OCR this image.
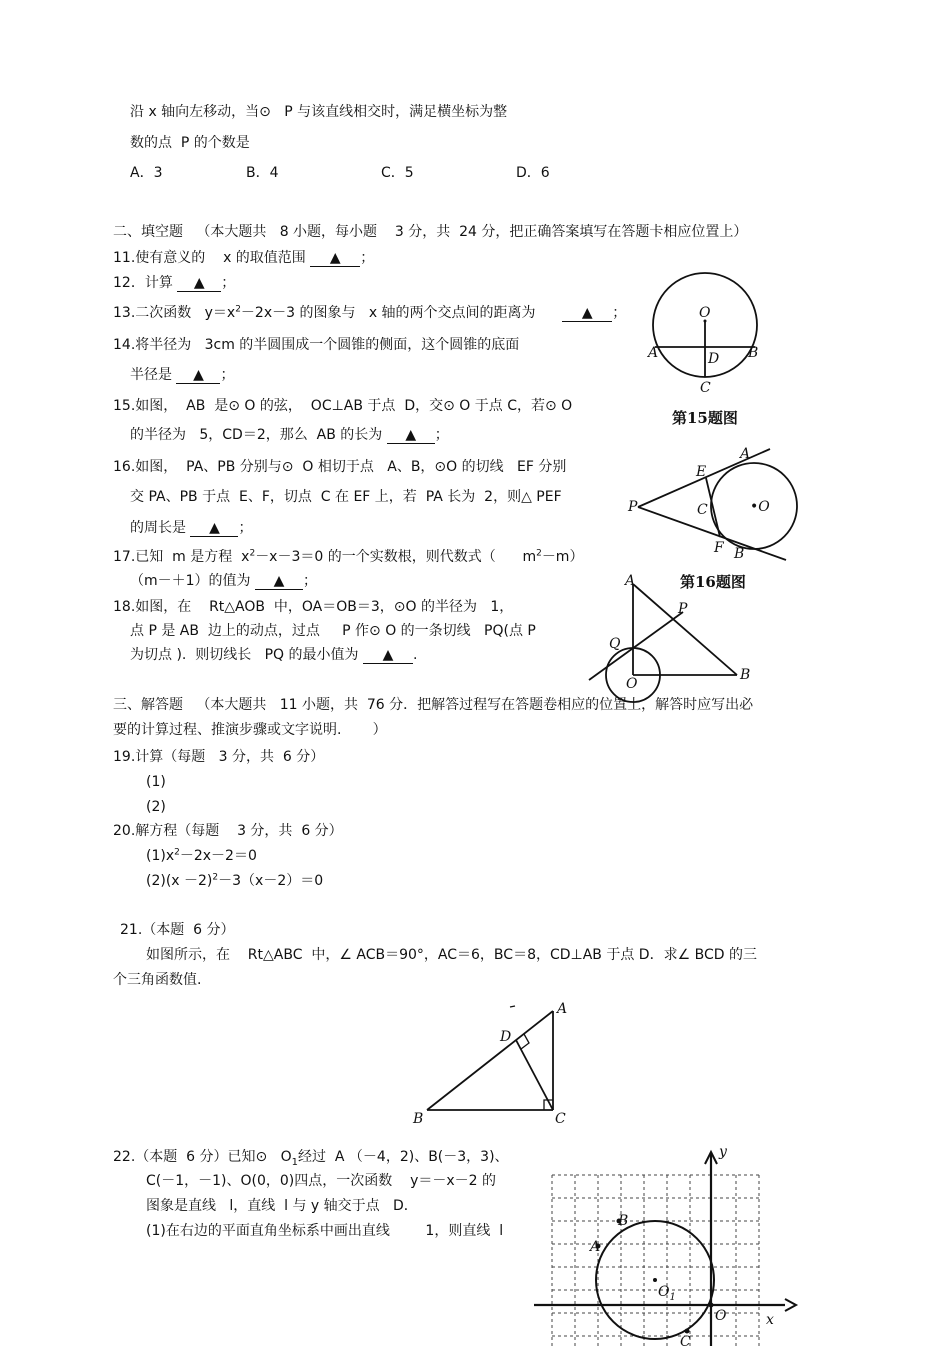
沿 x 轴向左移动，当⊙   P 与该直线相交时，满足横坐标为整
数的点  P 的个数是
A．3	B．4	C．5	D．6
二、填空题   （本大题共   8 小题，每小题    3 分，共  24 分，把正确答案填写在答题卡相应位置上）
11.使有意义的    x 的取值范围 ▲ ；
12．计算 ▲ ；
13.二次函数   $y=x^2-2x-3$ 的图象与   x 轴的两个交点间的距离为	▲ ；
14.将半径为   3cm 的半圆围成一个圆锥的侧面，这个圆锥的底面
半径是 ▲ ；
15.如图，  AB  是⊙ O 的弦，  OC⊥AB 于点  D，交⊙ O 于点 C，若⊙ O
的半径为   5，CD＝2，那么  AB 的长为 ▲ ；
16.如图，  PA、PB 分别与⊙  O 相切于点   A、B，⊙O 的切线   EF 分别
交 PA、PB 于点  E、F，切点  C 在 EF 上，若  PA 长为  2，则△ PEF
的周长是 ▲ ；
17.已知  m 是方程  $x^2-x-3=0$ 的一个实数根，则代数式（      $m^2-m$）
（m－＋1）的值为 ▲ ；
18.如图，在    Rt△AOB  中，OA＝OB＝3，⊙O 的半径为   1，
点 P 是 AB  边上的动点，过点     P 作⊙ O 的一条切线   PQ(点 P
为切点 ).  则切线长   PQ 的最小值为 ▲ .
三、解答题   （本大题共   11 小题，共  76 分．把解答过程写在答题卷相应的位置上，解答时应写出必
要的计算过程、推演步骤或文字说明.       ）
19.计算（每题   3 分，共  6 分）
(1)
(2)
20.解方程（每题    3 分，共  6 分）
$(1)x^2-2x-2=0$
$(2)(x -2)^2-3(x-2)=0$
21.（本题  6 分）
如图所示，在    Rt△ABC  中，∠ ACB＝90°，AC＝6，BC＝8，CD⊥AB 于点 D．求∠ BCD 的三
个三角函数值.
22.（本题  6 分）已知⊙   $O_1$经过  A （－4，2)、B(－3，3)、
C(－1，－1)、O(0，0)四点，一次函数    y＝－x－2 的
图象是直线   l，直线  l 与 y 轴交于点   D．
(1)在右边的平面直角坐标系中画出直线        1，则直线  l
O
A	B
D
C
第15题图
A
E
C	•O
P
F B
第16题图
A
P
Q
O
B
A
D
B	C
y
x
O
$O_1$
B
A
C
